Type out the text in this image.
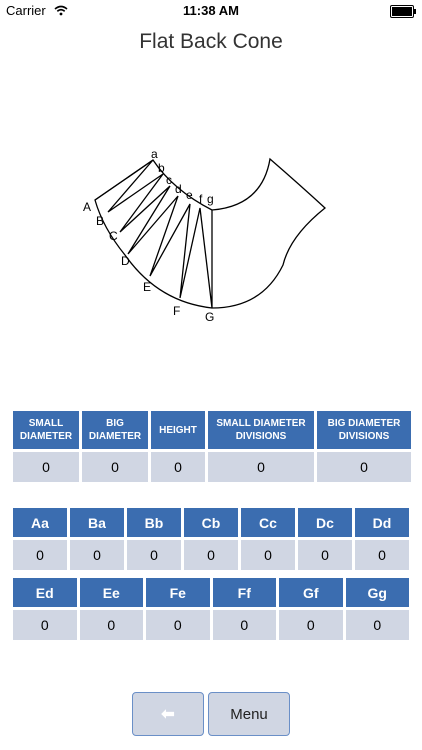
Carrier	11:38 AM
Flat Back Cone
A
B
C
D
E
F G
a
b
c
d e f g
SMALL DIAMETER	BIG DIAMETER	HEIGHT	SMALL DIAMETER DIVISIONS	BIG DIAMETER DIVISIONS
0	0	0	0	0
Aa	Ba	Bb	Cb	Cc	Dc	Dd
0	0	0	0	0	0	0
Ed	Ee	Fe	Ff	Gf	Gg
0	0	0	0	0	0
⬅	Menu
